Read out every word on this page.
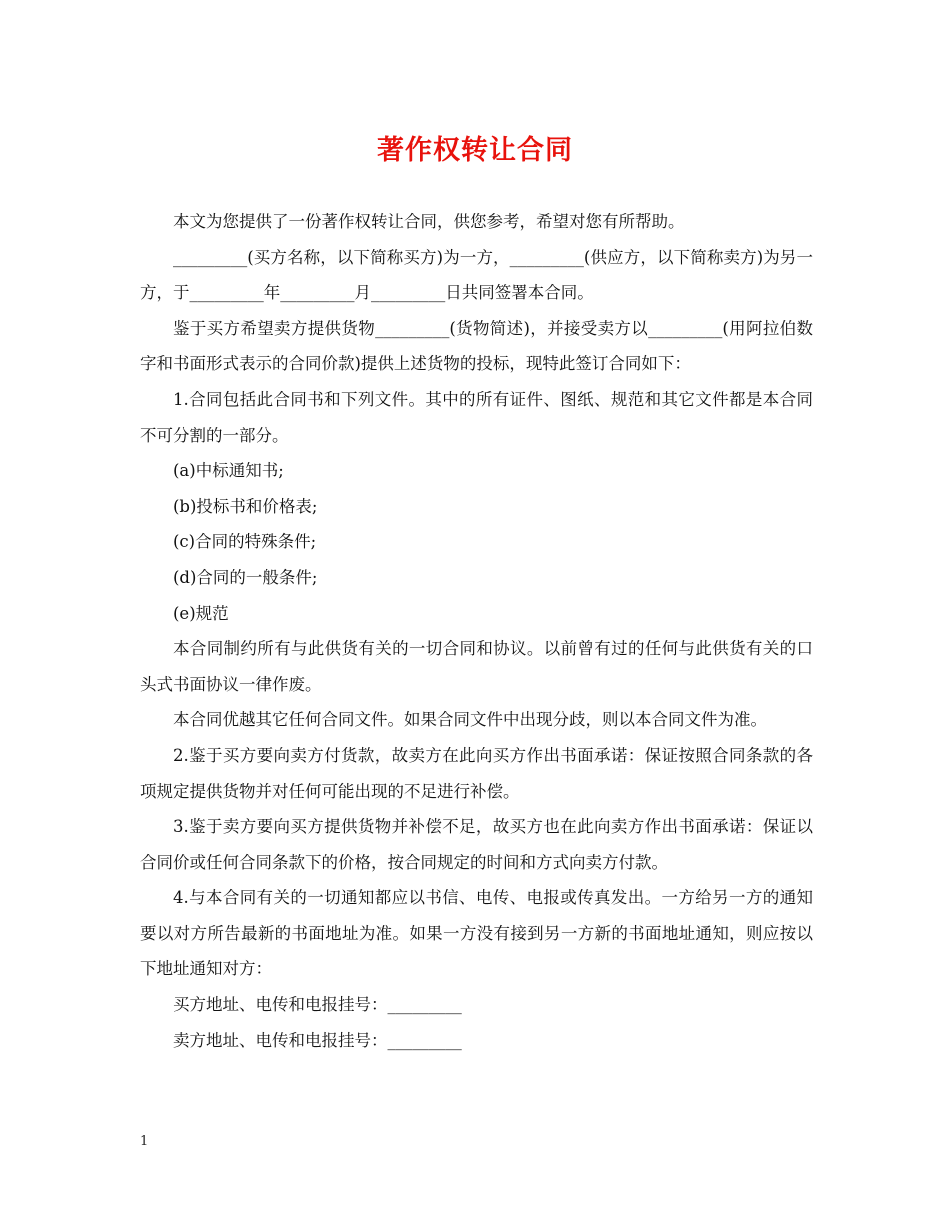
著作权转让合同

本文为您提供了一份著作权转让合同，供您参考，希望对您有所帮助。

_________(买方名称，以下简称买方)为一方，_________(供应方，以下简称卖方)为另一方，于_________年_________月_________日共同签署本合同。

鉴于买方希望卖方提供货物_________(货物简述)，并接受卖方以_________(用阿拉伯数字和书面形式表示的合同价款)提供上述货物的投标，现特此签订合同如下：

1.合同包括此合同书和下列文件。其中的所有证件、图纸、规范和其它文件都是本合同不可分割的一部分。

(a)中标通知书;

(b)投标书和价格表;

(c)合同的特殊条件;

(d)合同的一般条件;

(e)规范

本合同制约所有与此供货有关的一切合同和协议。以前曾有过的任何与此供货有关的口头式书面协议一律作废。

本合同优越其它任何合同文件。如果合同文件中出现分歧，则以本合同文件为准。

2.鉴于买方要向卖方付货款，故卖方在此向买方作出书面承诺：保证按照合同条款的各项规定提供货物并对任何可能出现的不足进行补偿。

3.鉴于卖方要向买方提供货物并补偿不足，故买方也在此向卖方作出书面承诺：保证以合同价或任何合同条款下的价格，按合同规定的时间和方式向卖方付款。

4.与本合同有关的一切通知都应以书信、电传、电报或传真发出。一方给另一方的通知要以对方所告最新的书面地址为准。如果一方没有接到另一方新的书面地址通知，则应按以下地址通知对方：

买方地址、电传和电报挂号：_________

卖方地址、电传和电报挂号：_________

1
